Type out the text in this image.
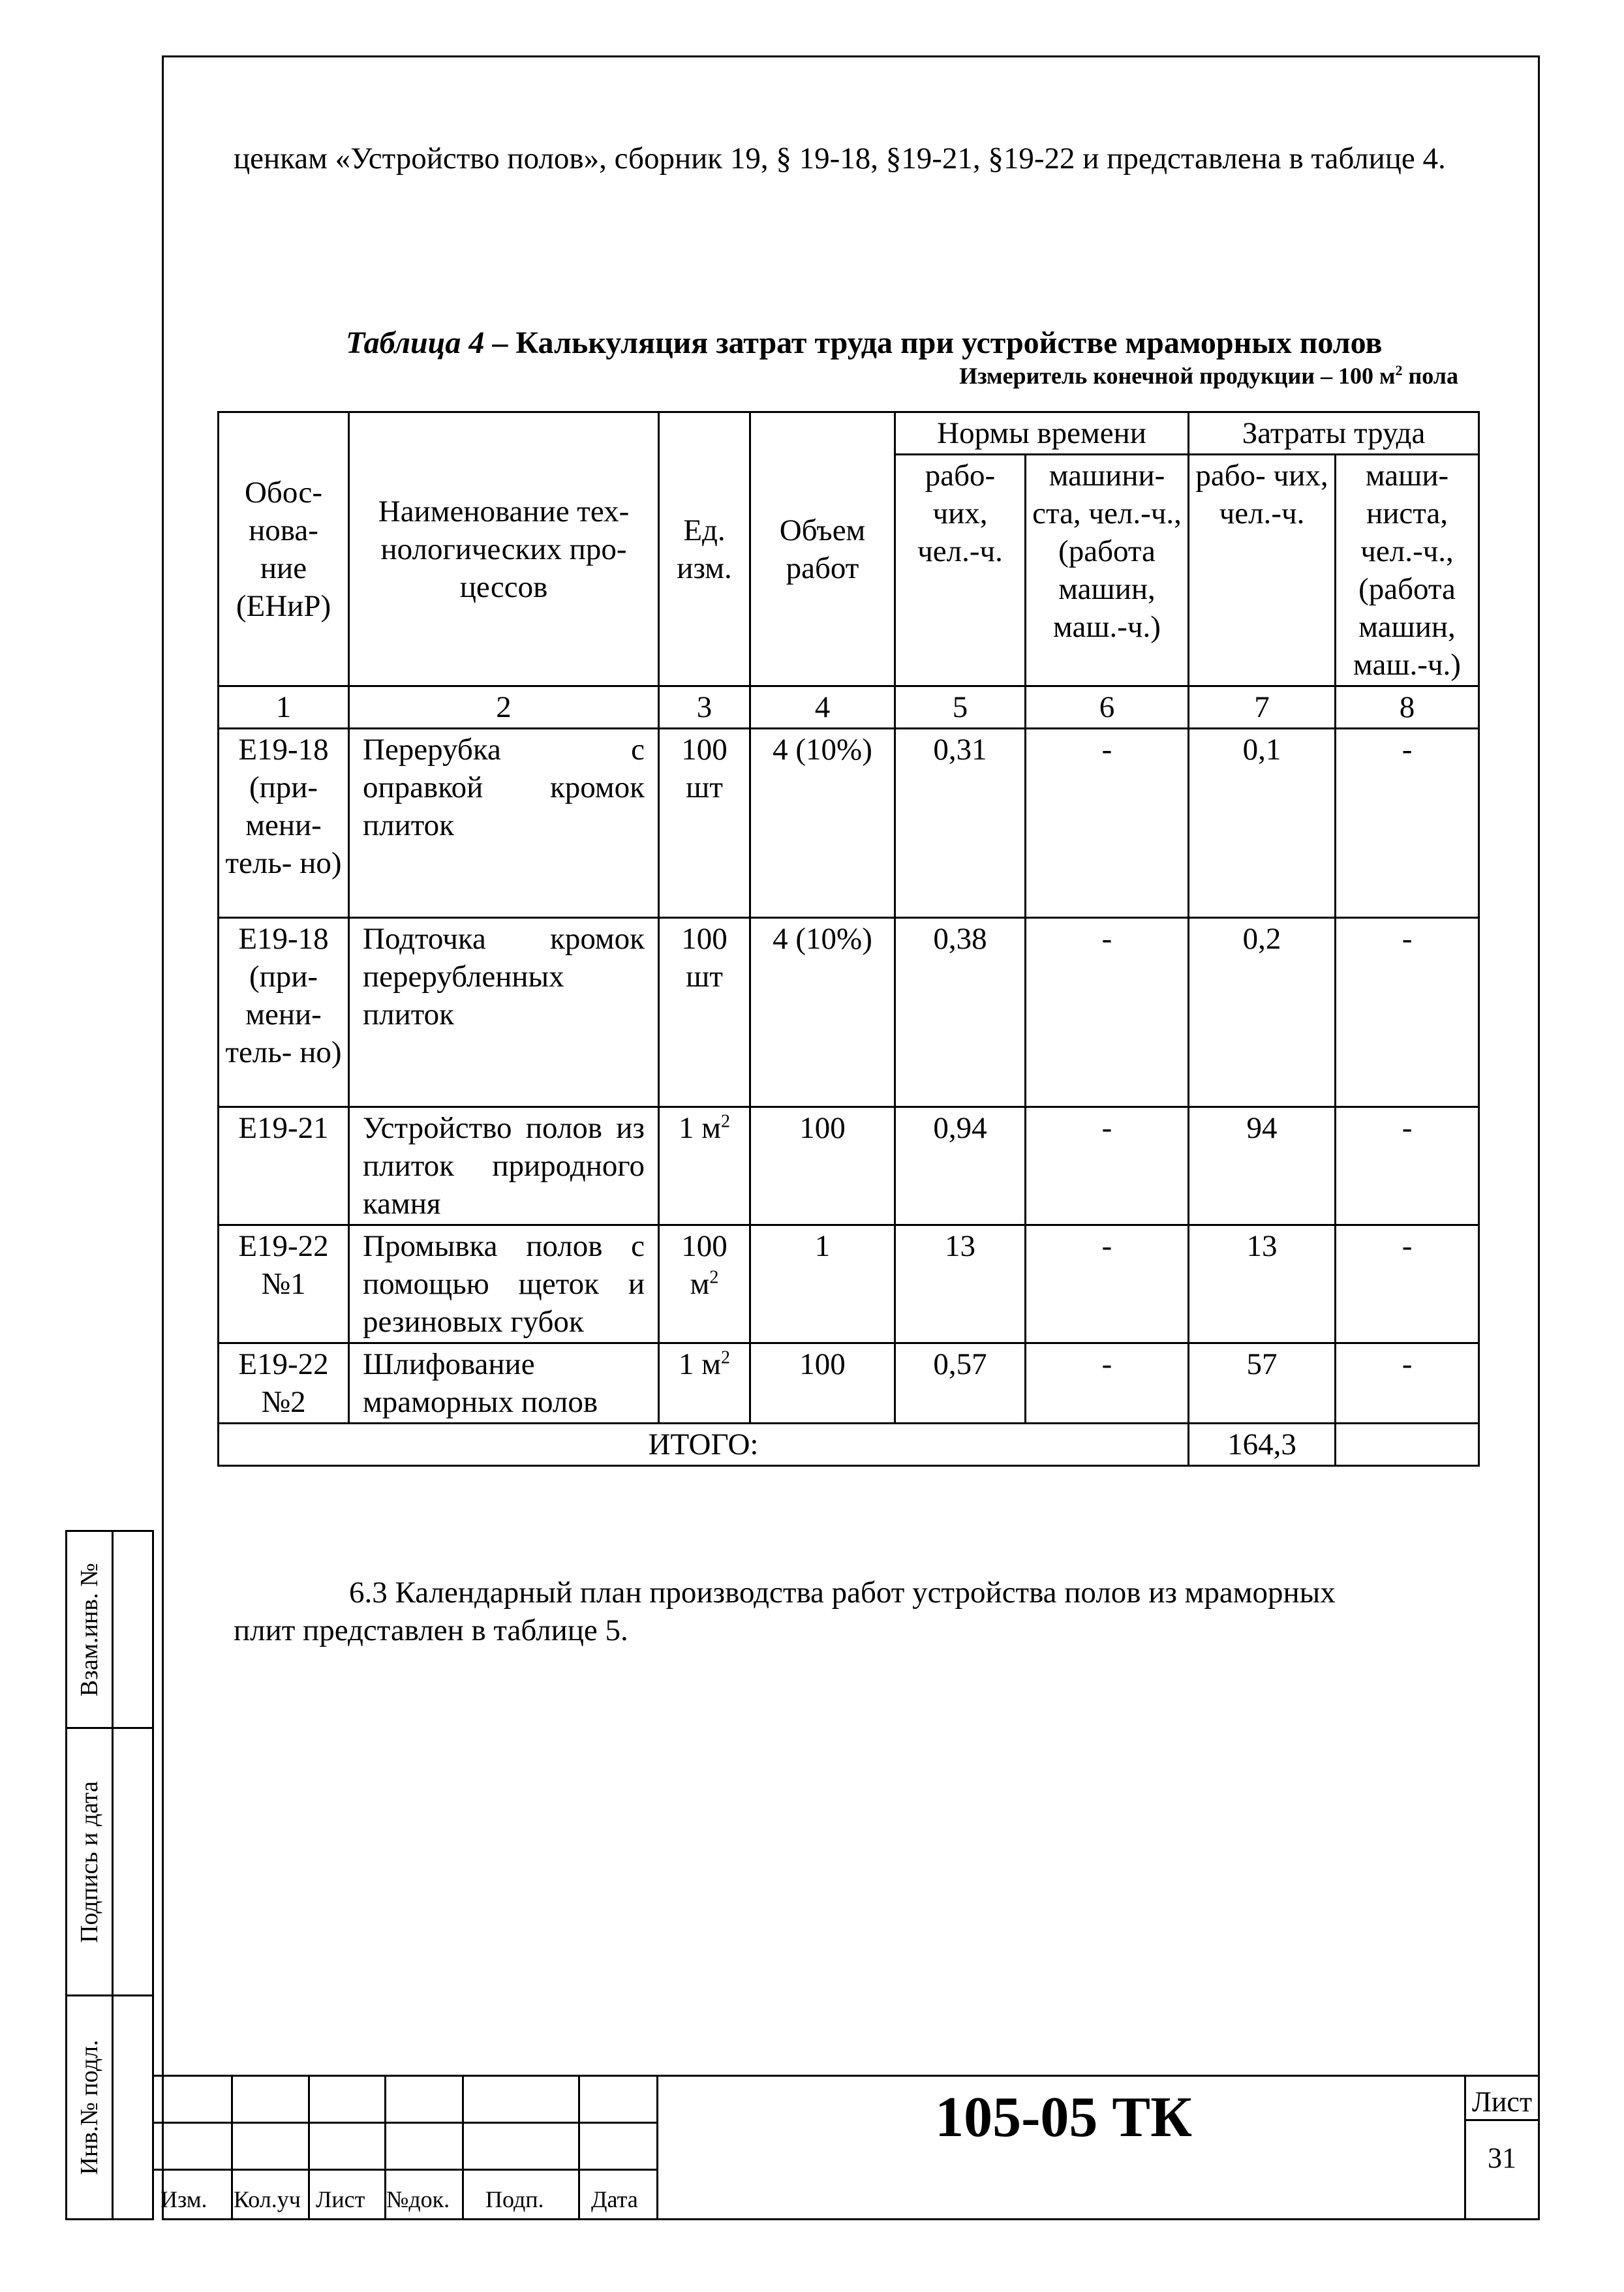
ценкам «Устройство полов», сборник 19, § 19-18, §19-21, §19-22 и представлена в таблице 4.
Таблица 4 – Калькуляция затрат труда при устройстве мраморных полов
Измеритель конечной продукции – 100 $м^2$ пола
Обос- нова- ние (ЕНиР)	Наименование тех- нологических про- цессов	Ед. изм.	Объем работ	Нормы времени		Затраты труда	
				рабо- чих, чел.-ч.	машини- ста, чел.-ч., (работа машин, маш.-ч.)	рабо- чих, чел.-ч.	маши- ниста, чел.-ч., (работа машин, маш.-ч.)
1	2	3	4	5	6	7	8
Е19-18 (при- мени- тель- но)	Перерубка с оправкой кромок плиток	100 шт	4 (10%)	0,31	-	0,1	-
Е19-18 (при- мени- тель- но)	Подточка кромок перерубленных плиток	100 шт	4 (10%)	0,38	-	0,2	-
Е19-21	Устройство полов из плиток природного камня	1 $м^2$	100	0,94	-	94	-
Е19-22 №1	Промывка полов с помощью щеток и резиновых губок	100 $м^2$	1	13	-	13	-
Е19-22 №2	Шлифование мраморных полов	1 $м^2$	100	0,57	-	57	-
ИТОГО:						164,3	
6.3 Календарный план производства работ устройства полов из мраморных
плит представлен в таблице 5.
Взам.инв. №
Подпись и дата
Инв.№ подл.
Изм. Кол.уч Лист №док. Подп. Дата
Лист
31
105-05 ТК
